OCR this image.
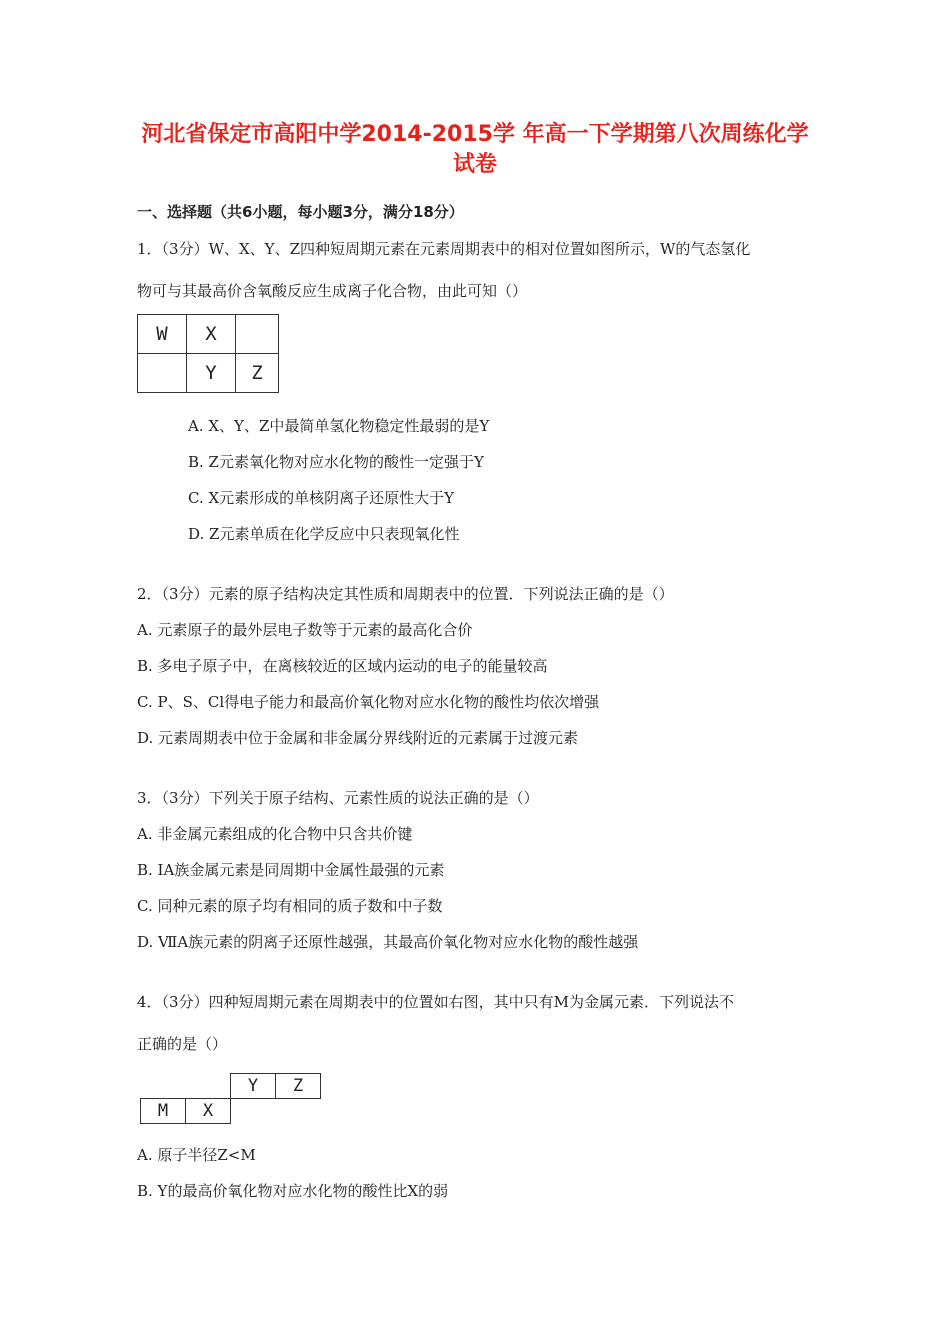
河北省保定市高阳中学2014-2015学 年高一下学期第八次周练化学
试卷
一、选择题（共6小题，每小题3分，满分18分）
1．（3分）W、X、Y、Z四种短周期元素在元素周期表中的相对位置如图所示，W的气态氢化
物可与其最高价含氧酸反应生成离子化合物，由此可知（）
W	X	
	Y	Z
A. X、Y、Z中最简单氢化物稳定性最弱的是Y
B. Z元素氧化物对应水化物的酸性一定强于Y
C. X元素形成的单核阴离子还原性大于Y
D. Z元素单质在化学反应中只表现氧化性
2．（3分）元素的原子结构决定其性质和周期表中的位置．下列说法正确的是（）
A. 元素原子的最外层电子数等于元素的最高化合价
B. 多电子原子中，在离核较近的区域内运动的电子的能量较高
C. P、S、Cl得电子能力和最高价氧化物对应水化物的酸性均依次增强
D. 元素周期表中位于金属和非金属分界线附近的元素属于过渡元素
3．（3分）下列关于原子结构、元素性质的说法正确的是（）
A. 非金属元素组成的化合物中只含共价键
B. ⅠA族金属元素是同周期中金属性最强的元素
C. 同种元素的原子均有相同的质子数和中子数
D. ⅦA族元素的阴离子还原性越强，其最高价氧化物对应水化物的酸性越强
4．（3分）四种短周期元素在周期表中的位置如右图，其中只有M为金属元素．下列说法不
正确的是（）
		Y	Z
M	X		
A. 原子半径Z<M
B. Y的最高价氧化物对应水化物的酸性比X的弱
